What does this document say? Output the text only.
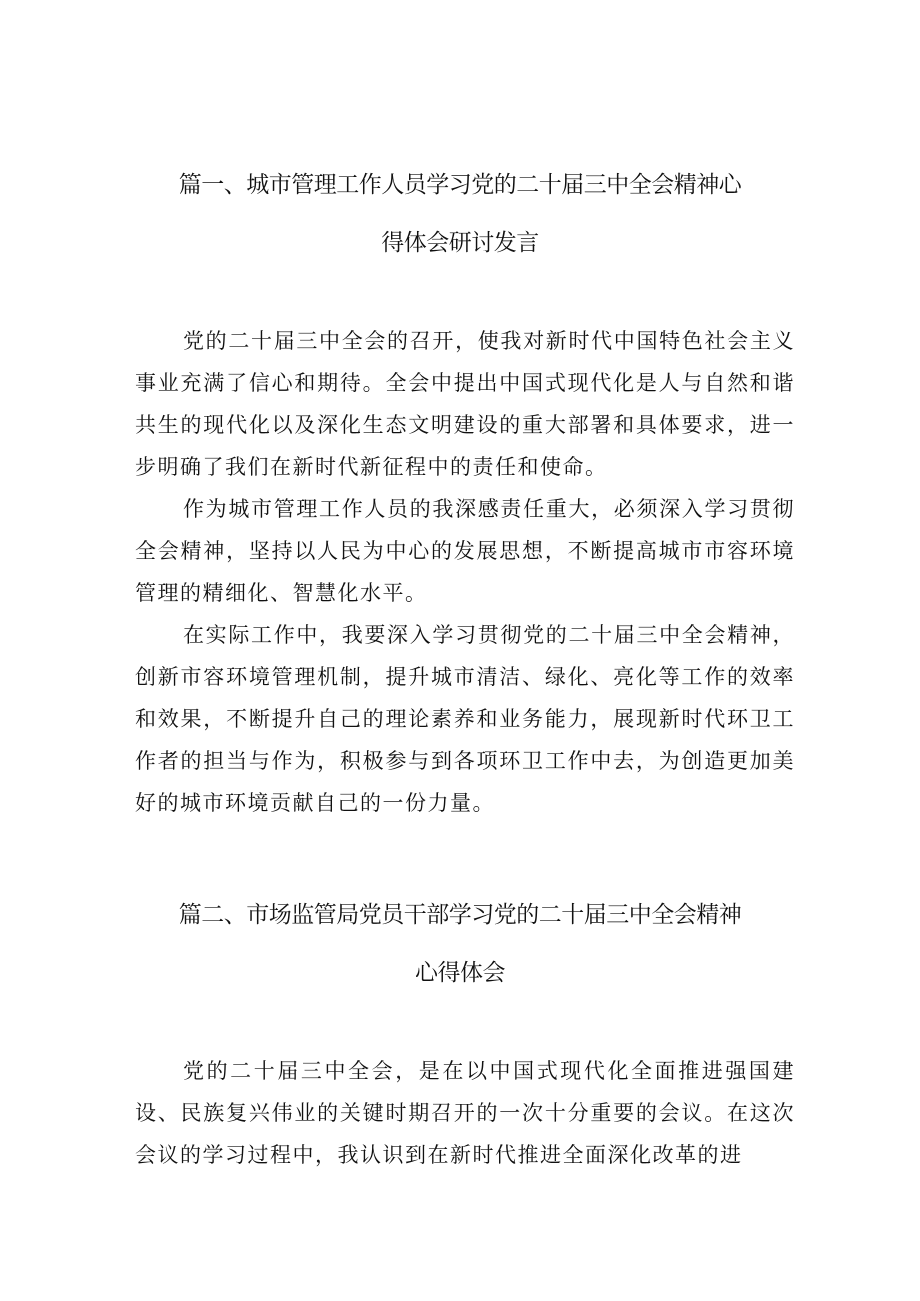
篇一、城市管理工作人员学习党的二十届三中全会精神心
得体会研讨发言

党的二十届三中全会的召开，使我对新时代中国特色社会主义事业充满了信心和期待。全会中提出中国式现代化是人与自然和谐共生的现代化以及深化生态文明建设的重大部署和具体要求，进一步明确了我们在新时代新征程中的责任和使命。

作为城市管理工作人员的我深感责任重大，必须深入学习贯彻全会精神，坚持以人民为中心的发展思想，不断提高城市市容环境管理的精细化、智慧化水平。

在实际工作中，我要深入学习贯彻党的二十届三中全会精神，创新市容环境管理机制，提升城市清洁、绿化、亮化等工作的效率和效果，不断提升自己的理论素养和业务能力，展现新时代环卫工作者的担当与作为，积极参与到各项环卫工作中去，为创造更加美好的城市环境贡献自己的一份力量。

篇二、市场监管局党员干部学习党的二十届三中全会精神
心得体会

党的二十届三中全会，是在以中国式现代化全面推进强国建设、民族复兴伟业的关键时期召开的一次十分重要的会议。在这次会议的学习过程中，我认识到在新时代推进全面深化改革的进
